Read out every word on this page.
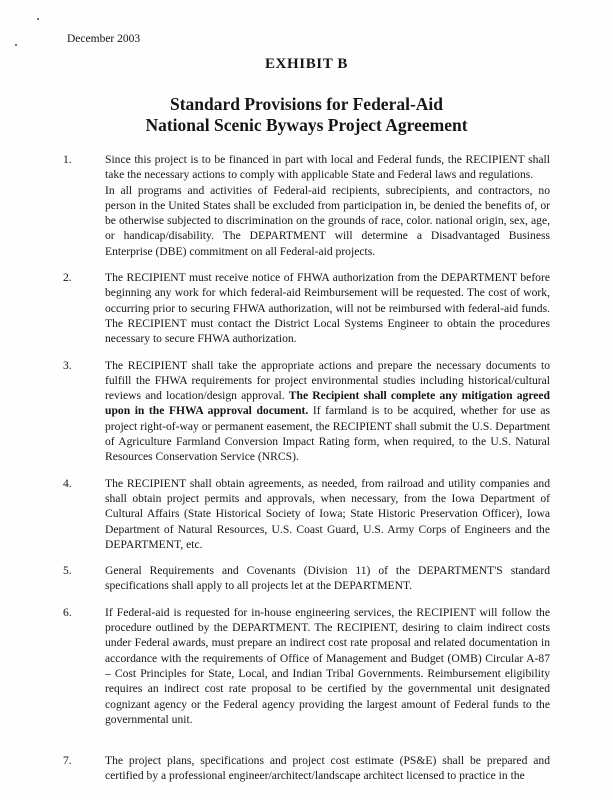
December 2003
EXHIBIT B
Standard Provisions for Federal-Aid
National Scenic Byways Project Agreement
1.	Since this project is to be financed in part with local and Federal funds, the RECIPIENT shall take the necessary actions to comply with applicable State and Federal laws and regulations.

In all programs and activities of Federal-aid recipients, subrecipients, and contractors, no person in the United States shall be excluded from participation in, be denied the benefits of, or be otherwise subjected to discrimination on the grounds of race, color. national origin, sex, age, or handicap/disability. The DEPARTMENT will determine a Disadvantaged Business Enterprise (DBE) commitment on all Federal-aid projects.

2.	The RECIPIENT must receive notice of FHWA authorization from the DEPARTMENT before beginning any work for which federal-aid Reimbursement will be requested. The cost of work, occurring prior to securing FHWA authorization, will not be reimbursed with federal-aid funds. The RECIPIENT must contact the District Local Systems Engineer to obtain the procedures necessary to secure FHWA authorization.

3.	The RECIPIENT shall take the appropriate actions and prepare the necessary documents to fulfill the FHWA requirements for project environmental studies including historical/cultural reviews and location/design approval. The Recipient shall complete any mitigation agreed upon in the FHWA approval document. If farmland is to be acquired, whether for use as project right-of-way or permanent easement, the RECIPIENT shall submit the U.S. Department of Agriculture Farmland Conversion Impact Rating form, when required, to the U.S. Natural Resources Conservation Service (NRCS).

4.	The RECIPIENT shall obtain agreements, as needed, from railroad and utility companies and shall obtain project permits and approvals, when necessary, from the Iowa Department of Cultural Affairs (State Historical Society of Iowa; State Historic Preservation Officer), Iowa Department of Natural Resources, U.S. Coast Guard, U.S. Army Corps of Engineers and the DEPARTMENT, etc.

5.	General Requirements and Covenants (Division 11) of the DEPARTMENT'S standard specifications shall apply to all projects let at the DEPARTMENT.

6.	If Federal-aid is requested for in-house engineering services, the RECIPIENT will follow the procedure outlined by the DEPARTMENT. The RECIPIENT, desiring to claim indirect costs under Federal awards, must prepare an indirect cost rate proposal and related documentation in accordance with the requirements of Office of Management and Budget (OMB) Circular A-87 – Cost Principles for State, Local, and Indian Tribal Governments. Reimbursement eligibility requires an indirect cost rate proposal to be certified by the governmental unit designated cognizant agency or the Federal agency providing the largest amount of Federal funds to the governmental unit.

7.	The project plans, specifications and project cost estimate (PS&E) shall be prepared and certified by a professional engineer/architect/landscape architect licensed to practice in the
